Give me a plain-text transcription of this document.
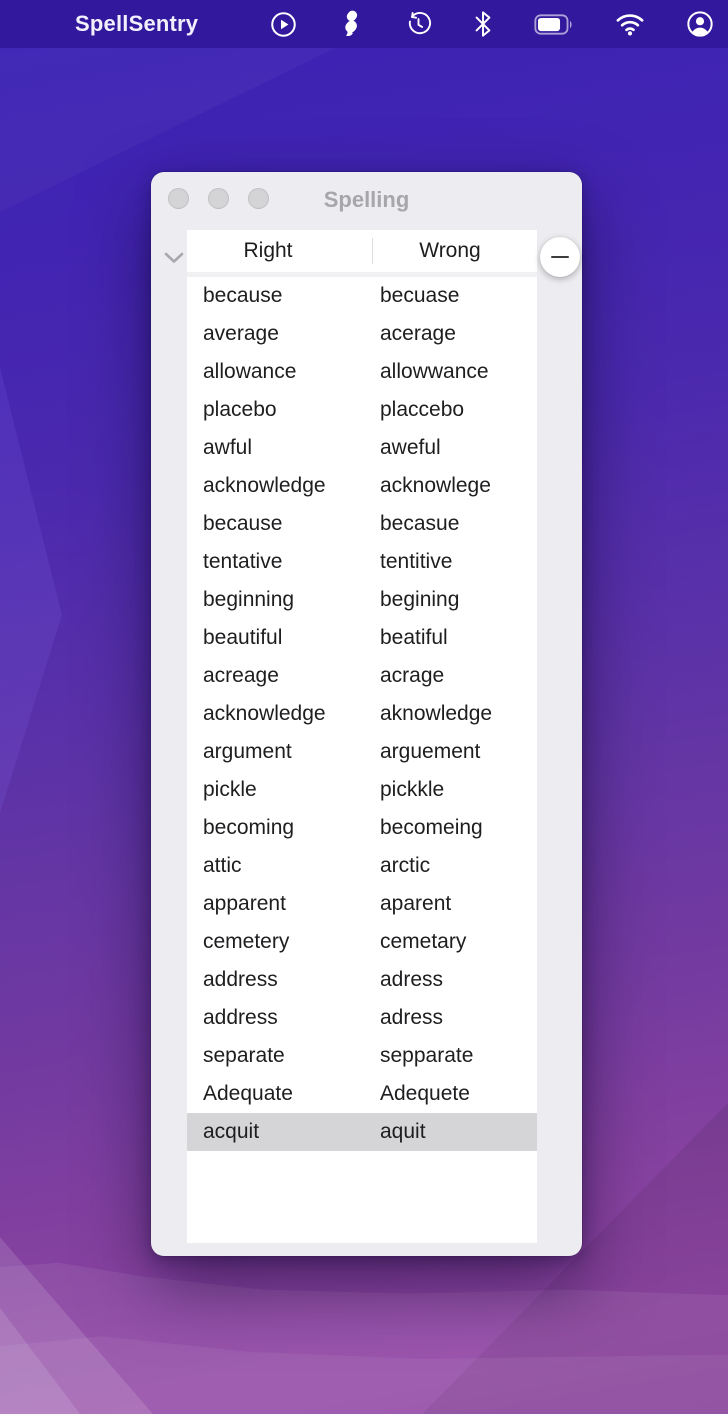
SpellSentry
Spelling
Right	Wrong
because	becuase
average	acerage
allowance	allowwance
placebo	placcebo
awful	aweful
acknowledge	acknowlege
because	becasue
tentative	tentitive
beginning	begining
beautiful	beatiful
acreage	acrage
acknowledge	aknowledge
argument	arguement
pickle	pickkle
becoming	becomeing
attic	arctic
apparent	aparent
cemetery	cemetary
address	adress
address	adress
separate	sepparate
Adequate	Adequete
acquit	aquit
